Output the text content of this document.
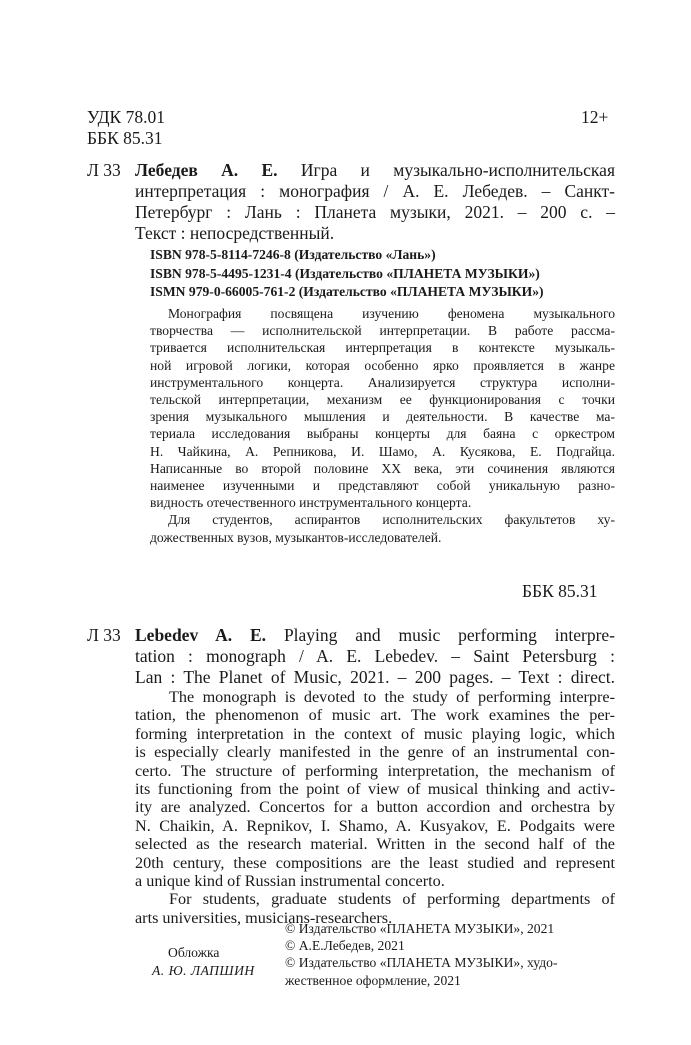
УДК 78.01
ББК 85.31
12+
Л 33 Лебедев А. Е. Игра и музыкально-исполнительская
интерпретация : монография / А. Е. Лебедев. – Санкт-
Петербург : Лань : Планета музыки, 2021. – 200 с. –
Текст : непосредственный.
ISBN 978-5-8114-7246-8 (Издательство «Лань»)
ISBN 978-5-4495-1231-4 (Издательство «ПЛАНЕТА МУЗЫКИ»)
ISMN 979-0-66005-761-2 (Издательство «ПЛАНЕТА МУЗЫКИ»)
Монография посвящена изучению феномена музыкального
творчества — исполнительской интерпретации. В работе рассма-
тривается исполнительская интерпретация в контексте музыкаль-
ной игровой логики, которая особенно ярко проявляется в жанре
инструментального концерта. Анализируется структура исполни-
тельской интерпретации, механизм ее функционирования с точки
зрения музыкального мышления и деятельности. В качестве ма-
териала исследования выбраны концерты для баяна с оркестром
Н. Чайкина, А. Репникова, И. Шамо, А. Кусякова, Е. Подгайца.
Написанные во второй половине XX века, эти сочинения являются
наименее изученными и представляют собой уникальную разно-
видность отечественного инструментального концерта.
Для студентов, аспирантов исполнительских факультетов ху-
дожественных вузов, музыкантов-исследователей.
ББК 85.31
Л 33 Lebedev A. E. Playing and music performing interpre-
tation : monograph / A. E. Lebedev. – Saint Petersburg :
Lan : The Planet of Music, 2021. – 200 pages. – Text : direct.
The monograph is devoted to the study of performing interpre-
tation, the phenomenon of music art. The work examines the per-
forming interpretation in the context of music playing logic, which
is especially clearly manifested in the genre of an instrumental con-
certo. The structure of performing interpretation, the mechanism of
its functioning from the point of view of musical thinking and activ-
ity are analyzed. Concertos for a button accordion and orchestra by
N. Chaikin, A. Repnikov, I. Shamo, A. Kusyakov, E. Podgaits were
selected as the research material. Written in the second half of the
20th century, these compositions are the least studied and represent
a unique kind of Russian instrumental concerto.
For students, graduate students of performing departments of
arts universities, musicians-researchers.
Обложка
А. Ю. ЛАПШИН
© Издательство «ПЛАНЕТА МУЗЫКИ», 2021
© А.Е.Лебедев, 2021
© Издательство «ПЛАНЕТА МУЗЫКИ», худо-
жественное оформление, 2021
